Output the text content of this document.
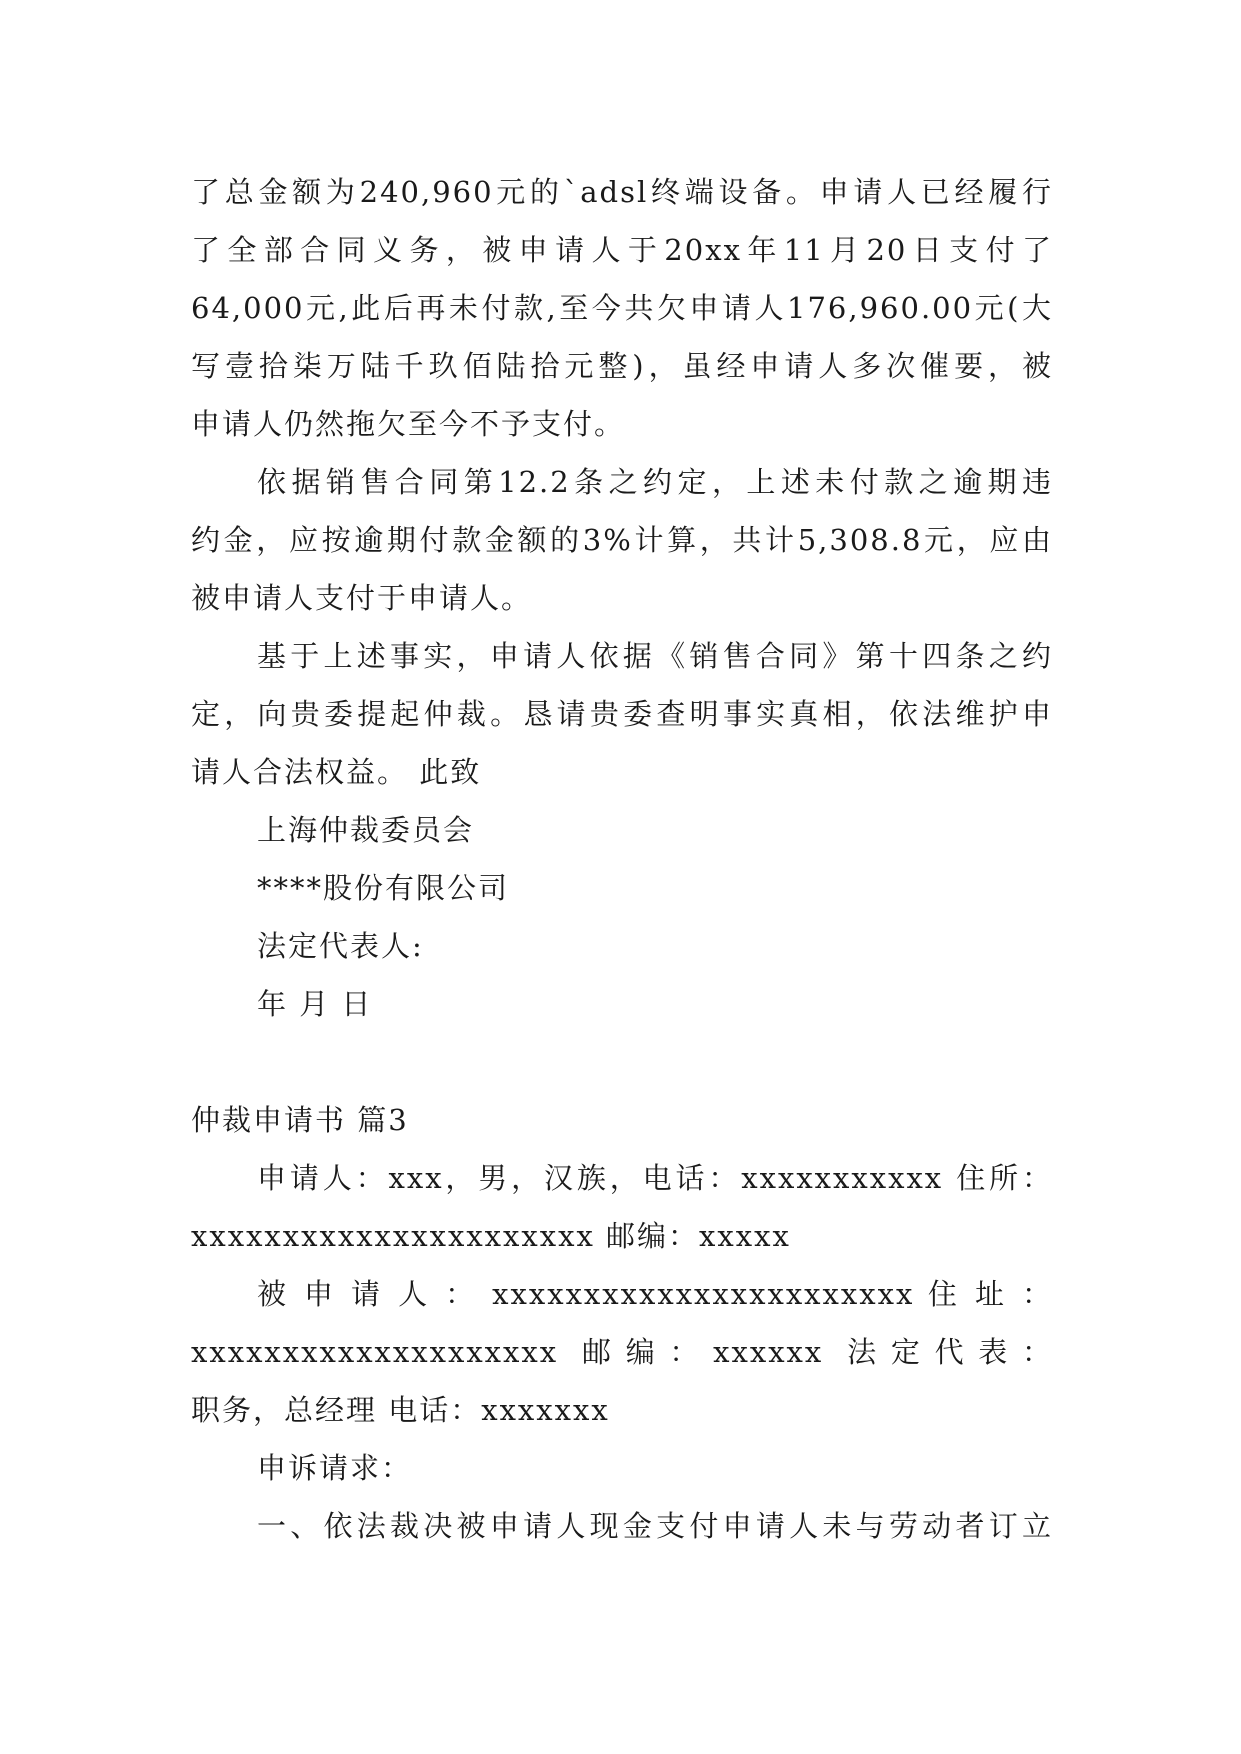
了总金额为240,960元的`adsl终端设备。申请人已经履行
了全部合同义务，被申请人于20xx年11月20日支付了
64,000元,此后再未付款,至今共欠申请人176,960.00元(大
写壹拾柒万陆千玖佰陆拾元整)，虽经申请人多次催要，被
申请人仍然拖欠至今不予支付。
依据销售合同第12.2条之约定，上述未付款之逾期违
约金，应按逾期付款金额的3%计算，共计5,308.8元，应由
被申请人支付于申请人。
基于上述事实，申请人依据《销售合同》第十四条之约
定，向贵委提起仲裁。恳请贵委查明事实真相，依法维护申
请人合法权益。 此致
上海仲裁委员会
****股份有限公司
法定代表人:
年 月 日
仲裁申请书 篇3
申请人：xxx，男，汉族，电话：xxxxxxxxxxx 住所：
xxxxxxxxxxxxxxxxxxxxxx 邮编：xxxxx
被 申 请 人 ： xxxxxxxxxxxxxxxxxxxxxxx 住 址 ：
xxxxxxxxxxxxxxxxxxxx 邮编：xxxxxx 法定代表：
职务，总经理 电话：xxxxxxx
申诉请求：
一、依法裁决被申请人现金支付申请人未与劳动者订立
